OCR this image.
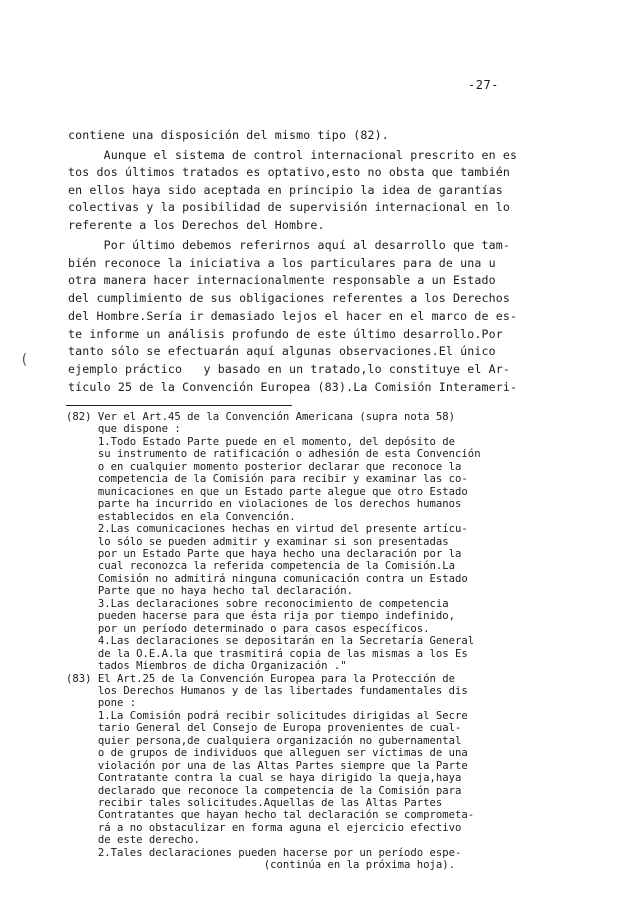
-27-
contiene una disposición del mismo tipo (82).
Aunque el sistema de control internacional prescrito en es
tos dos últimos tratados es optativo,esto no obsta que también
en ellos haya sido aceptada en principio la idea de garantías
colectivas y la posibilidad de supervisión internacional en lo
referente a los Derechos del Hombre.
Por último debemos referirnos aquí al desarrollo que tam-
bién reconoce la iniciativa a los particulares para de una u
otra manera hacer internacionalmente responsable a un Estado
del cumplimiento de sus obligaciones referentes a los Derechos
del Hombre.Sería ir demasiado lejos el hacer en el marco de es-
te informe un análisis profundo de este último desarrollo.Por
tanto sólo se efectuarán aquí algunas observaciones.El único
ejemplo práctico   y basado en un tratado,lo constituye el Ar-
tículo 25 de la Convención Europea (83).La Comisión Interameri-
(82) Ver el Art.45 de la Convención Americana (supra nota 58)
que dispone :
1.Todo Estado Parte puede en el momento, del depósito de
su instrumento de ratificación o adhesión de esta Convención
o en cualquier momento posterior declarar que reconoce la
competencia de la Comisión para recibir y examinar las co-
municaciones en que un Estado parte alegue que otro Estado
parte ha incurrido en violaciones de los derechos humanos
establecidos en ela Convención.
2.Las comunicaciones hechas en virtud del presente artícu-
lo sólo se pueden admitir y examinar si son presentadas
por un Estado Parte que haya hecho una declaración por la
cual reconozca la referida competencia de la Comisión.La
Comisión no admitirá ninguna comunicación contra un Estado
Parte que no haya hecho tal declaración.
3.Las declaraciones sobre reconocimiento de competencia
pueden hacerse para que ésta rija por tiempo indefinido,
por un período determinado o para casos específicos.
4.Las declaraciones se depositarán en la Secretaría General
de la O.E.A.la que trasmitirá copia de las mismas a los Es
tados Miembros de dicha Organización ."
(83) El Art.25 de la Convención Europea para la Protección de
los Derechos Humanos y de las libertades fundamentales dis
pone :
1.La Comisión podrá recibir solicitudes dirigidas al Secre
tario General del Consejo de Europa provenientes de cual-
quier persona,de cualquiera organización no gubernamental
o de grupos de individuos que alleguen ser víctimas de una
violación por una de las Altas Partes siempre que la Parte
Contratante contra la cual se haya dirigido la queja,haya
declarado que reconoce la competencia de la Comisión para
recibir tales solicitudes.Aquellas de las Altas Partes
Contratantes que hayan hecho tal declaración se comprometa-
rá a no obstaculizar en forma aguna el ejercicio efectivo
de este derecho.
2.Tales declaraciones pueden hacerse por un período espe-
(continúa en la próxima hoja).
(
